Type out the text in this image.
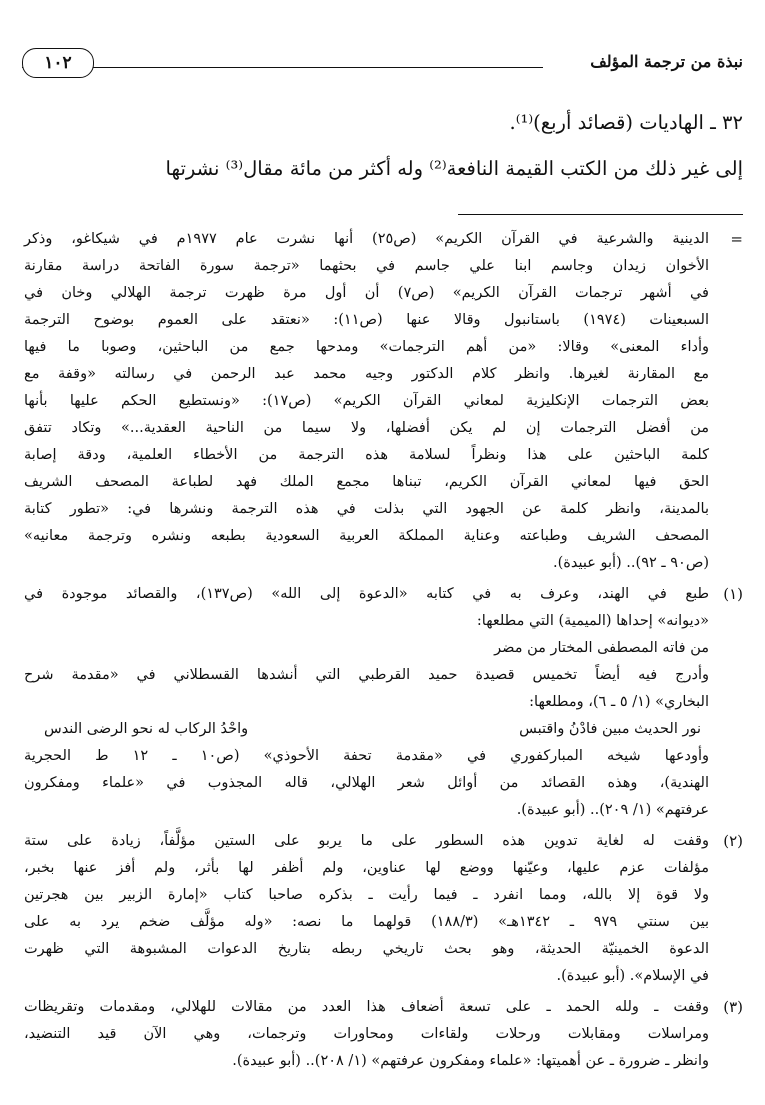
نبذة من ترجمة المؤلف
١٠٢
٣٢ ـ الهاديات (قصائد أربع)⁽¹⁾.
إلى غير ذلك من الكتب القيمة النافعة⁽²⁾ وله أكثر من مائة مقال⁽³⁾ نشرتها
=
الدينية والشرعية في القرآن الكريم» (ص٢٥) أنها نشرت عام ١٩٧٧م في شيكاغو، وذكر
الأخوان زيدان وجاسم ابنا علي جاسم في بحثهما «ترجمة سورة الفاتحة دراسة مقارنة
في أشهر ترجمات القرآن الكريم» (ص٧) أن أول مرة ظهرت ترجمة الهلالي وخان في
السبعينات (١٩٧٤) باستانبول وقالا عنها (ص١١): «نعتقد على العموم بوضوح الترجمة
وأداء المعنى» وقالا: «من أهم الترجمات» ومدحها جمع من الباحثين، وصوبا ما فيها
مع المقارنة لغيرها. وانظر كلام الدكتور وجيه محمد عبد الرحمن في رسالته «وقفة مع
بعض الترجمات الإنكليزية لمعاني القرآن الكريم» (ص١٧): «ونستطيع الحكم عليها بأنها
من أفضل الترجمات إن لم يكن أفضلها، ولا سيما من الناحية العقدية...» وتكاد تتفق
كلمة الباحثين على هذا ونظراً لسلامة هذه الترجمة من الأخطاء العلمية، ودقة إصابة
الحق فيها لمعاني القرآن الكريم، تبناها مجمع الملك فهد لطباعة المصحف الشريف
بالمدينة، وانظر كلمة عن الجهود التي بذلت في هذه الترجمة ونشرها في: «تطور كتابة
المصحف الشريف وطباعته وعناية المملكة العربية السعودية بطبعه ونشره وترجمة معانيه»
(ص٩٠ ـ ٩٢).. (أبو عبيدة).
(١)
طبع في الهند، وعرف به في كتابه «الدعوة إلى الله» (ص١٣٧)، والقصائد موجودة في
«ديوانه» إحداها (الميمية) التي مطلعها:
من فاته المصطفى المختار من مضر
وأدرج فيه أيضاً تخميس قصيدة حميد القرطبي التي أنشدها القسطلاني في «مقدمة شرح
البخاري» (١/ ٥ ـ ٦)، ومطلعها:
نور الحديث مبين فادْنُ واقتبس
واحْدُ الركاب له نحو الرضى الندس
وأودعها شيخه المباركفوري في «مقدمة تحفة الأحوذي» (ص١٠ ـ ١٢ ط الحجرية
الهندية)، وهذه القصائد من أوائل شعر الهلالي، قاله المجذوب في «علماء ومفكرون
عرفتهم» (١/ ٢٠٩).. (أبو عبيدة).
(٢)
وقفت له لغاية تدوين هذه السطور على ما يربو على الستين مؤلَّفاً، زيادة على ستة
مؤلفات عزم عليها، وعيّنها ووضع لها عناوين، ولم أظفر لها بأثر، ولم أفز عنها بخبر،
ولا قوة إلا بالله، ومما انفرد ـ فيما رأيت ـ بذكره صاحبا كتاب «إمارة الزبير بين هجرتين
بين سنتي ٩٧٩ ـ ١٣٤٢هـ» (١٨٨/٣) قولهما ما نصه: «وله مؤلَّف ضخم يرد به على
الدعوة الخمينيّة الحديثة، وهو بحث تاريخي ربطه بتاريخ الدعوات المشبوهة التي ظهرت
في الإسلام». (أبو عبيدة).
(٣)
وقفت ـ ولله الحمد ـ على تسعة أضعاف هذا العدد من مقالات للهلالي، ومقدمات وتقريظات
ومراسلات ومقابلات ورحلات ولقاءات ومحاورات وترجمات، وهي الآن قيد التنضيد،
وانظر ـ ضرورة ـ عن أهميتها: «علماء ومفكرون عرفتهم» (١/ ٢٠٨).. (أبو عبيدة).
